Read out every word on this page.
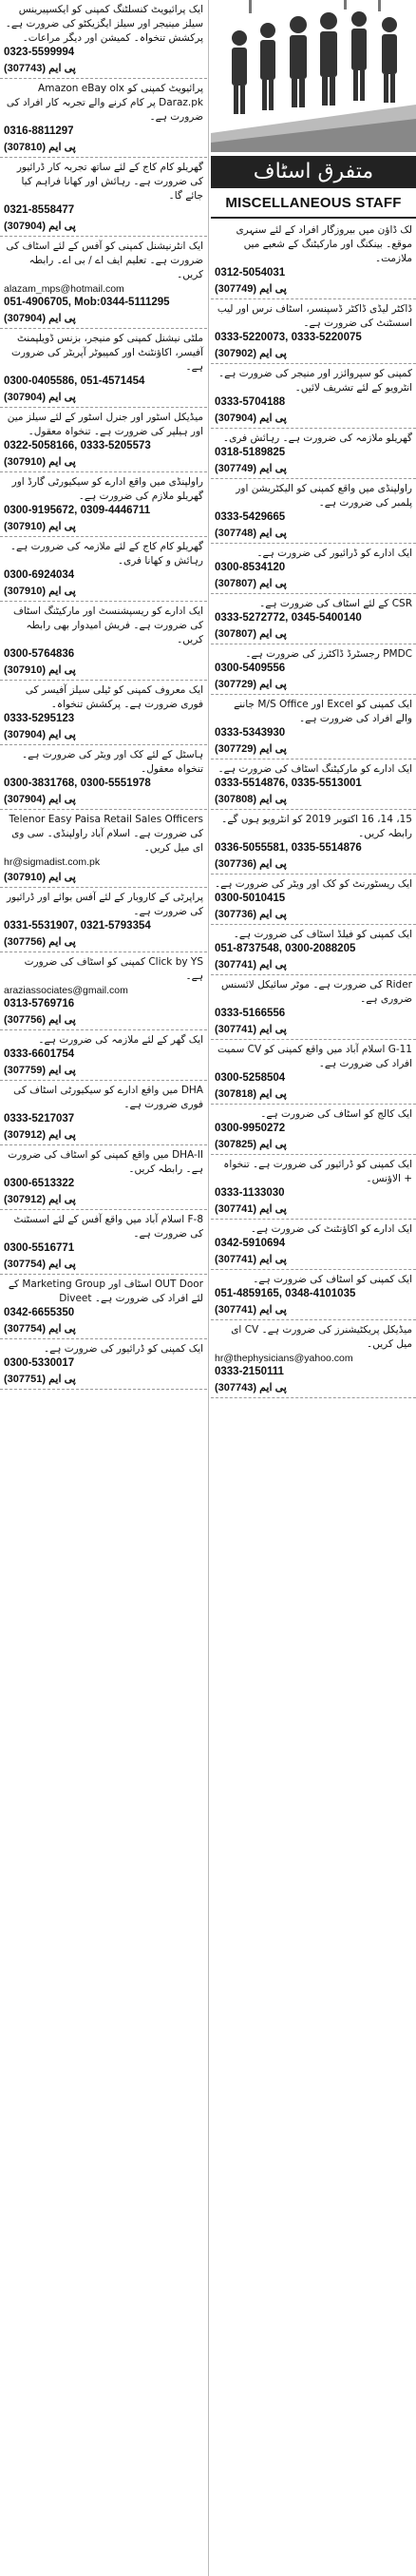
ایک پرائیویٹ کنسلٹنگ کمپنی کو ایکسپیرینس سیلز مینیجر اور سیلز ایگزیکٹو کی ضرورت ہے۔ پرکشش تنخواہ۔ کمیشن اور دیگر مراعات۔
0323-5599994
(307743) پی ایم
پرائیویٹ کمپنی کو Amazon eBay olx Daraz.pk پر کام کرنے والے تجربہ کار افراد کی ضرورت ہے۔
0316-8811297
(307810) پی ایم
گھریلو کام کاج کے لئے ساتھ تجربہ کار ڈرائیور کی ضرورت ہے۔ رہائش اور کھانا فراہم کیا جائے گا۔
0321-8558477
(307904) پی ایم
ایک انٹرنیشنل کمپنی کو آفس کے لئے اسٹاف کی ضرورت ہے۔ تعلیم ایف اے / بی اے۔ رابطہ کریں۔
alazam_mps@hotmail.com
051-4906705, Mob:0344-5111295
(307904) پی ایم
ملٹی نیشنل کمپنی کو منیجر، بزنس ڈویلپمنٹ آفیسر، اکاؤنٹنٹ اور کمپیوٹر آپریٹر کی ضرورت ہے۔
0300-0405586, 051-4571454
(307904) پی ایم
میڈیکل اسٹور اور جنرل اسٹور کے لئے سیلز مین اور ہیلپر کی ضرورت ہے۔ تنخواہ معقول۔
0322-5058166, 0333-5205573
(307910) پی ایم
راولپنڈی میں واقع ادارے کو سیکیورٹی گارڈ اور گھریلو ملازم کی ضرورت ہے۔
0300-9195672, 0309-4446711
(307910) پی ایم
گھریلو کام کاج کے لئے ملازمہ کی ضرورت ہے۔ رہائش و کھانا فری۔
0300-6924034
(307910) پی ایم
ایک ادارے کو ریسپشنسٹ اور مارکیٹنگ اسٹاف کی ضرورت ہے۔ فریش امیدوار بھی رابطہ کریں۔
0300-5764836
(307910) پی ایم
ایک معروف کمپنی کو ٹیلی سیلز آفیسر کی فوری ضرورت ہے۔ پرکشش تنخواہ۔
0333-5295123
(307904) پی ایم
ہاسٹل کے لئے کک اور ویٹر کی ضرورت ہے۔ تنخواہ معقول۔
0300-3831768, 0300-5551978
(307904) پی ایم
Telenor Easy Paisa Retail Sales Officers کی ضرورت ہے۔ اسلام آباد راولپنڈی۔ سی وی ای میل کریں۔
hr@sigmadist.com.pk
(307910) پی ایم
پراپرٹی کے کاروبار کے لئے آفس بوائے اور ڈرائیور کی ضرورت ہے۔
0331-5531907, 0321-5793354
(307756) پی ایم
Click by YS کمپنی کو اسٹاف کی ضرورت ہے۔
araziassociates@gmail.com
0313-5769716
(307756) پی ایم
ایک گھر کے لئے ملازمہ کی ضرورت ہے۔
0333-6601754
(307759) پی ایم
DHA میں واقع ادارے کو سیکیورٹی اسٹاف کی فوری ضرورت ہے۔
0333-5217037
(307912) پی ایم
DHA-II میں واقع کمپنی کو اسٹاف کی ضرورت ہے۔ رابطہ کریں۔
0300-6513322
(307912) پی ایم
F-8 اسلام آباد میں واقع آفس کے لئے اسسٹنٹ کی ضرورت ہے۔
0300-5516771
(307754) پی ایم
OUT Door اسٹاف اور Marketing Group کے لئے افراد کی ضرورت ہے۔ Diveet
0342-6655350
(307754) پی ایم
ایک کمپنی کو ڈرائیور کی ضرورت ہے۔
0300-5330017
(307751) پی ایم
متفرق اسٹاف
MISCELLANEOUS STAFF
لک ڈاؤن میں بیروزگار افراد کے لئے سنہری موقع۔ بینکنگ اور مارکیٹنگ کے شعبے میں ملازمت۔
0312-5054031
(307749) پی ایم
ڈاکٹر لیڈی ڈاکٹر ڈسپنسر، اسٹاف نرس اور لیب اسسٹنٹ کی ضرورت ہے۔
0333-5220073, 0333-5220075
(307902) پی ایم
کمپنی کو سپروائزر اور منیجر کی ضرورت ہے۔ انٹرویو کے لئے تشریف لائیں۔
0333-5704188
(307904) پی ایم
گھریلو ملازمہ کی ضرورت ہے۔ رہائش فری۔
0318-5189825
(307749) پی ایم
راولپنڈی میں واقع کمپنی کو الیکٹریشن اور پلمبر کی ضرورت ہے۔
0333-5429665
(307748) پی ایم
ایک ادارے کو ڈرائیور کی ضرورت ہے۔
0300-8534120
(307807) پی ایم
CSR کے لئے اسٹاف کی ضرورت ہے۔
0333-5272772, 0345-5400140
(307807) پی ایم
PMDC رجسٹرڈ ڈاکٹرز کی ضرورت ہے۔
0300-5409556
(307729) پی ایم
ایک کمپنی کو Excel اور M/S Office جاننے والے افراد کی ضرورت ہے۔
0333-5343930
(307729) پی ایم
ایک ادارے کو مارکیٹنگ اسٹاف کی ضرورت ہے۔
0333-5514876, 0335-5513001
(307808) پی ایم
15، 14، 16 اکتوبر 2019 کو انٹرویو ہوں گے۔ رابطہ کریں۔
0336-5055581, 0335-5514876
(307736) پی ایم
ایک ریسٹورنٹ کو کک اور ویٹر کی ضرورت ہے۔
0300-5010415
(307736) پی ایم
ایک کمپنی کو فیلڈ اسٹاف کی ضرورت ہے۔
051-8737548, 0300-2088205
(307741) پی ایم
Rider کی ضرورت ہے۔ موٹر سائیکل لائسنس ضروری ہے۔
0333-5166556
(307741) پی ایم
G-11 اسلام آباد میں واقع کمپنی کو CV سمیت افراد کی ضرورت ہے۔
0300-5258504
(307818) پی ایم
ایک کالج کو اسٹاف کی ضرورت ہے۔
0300-9950272
(307825) پی ایم
ایک کمپنی کو ڈرائیور کی ضرورت ہے۔ تنخواہ + الاؤنس۔
0333-1133030
(307741) پی ایم
ایک ادارے کو اکاؤنٹنٹ کی ضرورت ہے۔
0342-5910694
(307741) پی ایم
ایک کمپنی کو اسٹاف کی ضرورت ہے۔
051-4859165, 0348-4101035
(307741) پی ایم
میڈیکل پریکٹیشنرز کی ضرورت ہے۔ CV ای میل کریں۔
hr@thephysicians@yahoo.com
0333-2150111
(307743) پی ایم
